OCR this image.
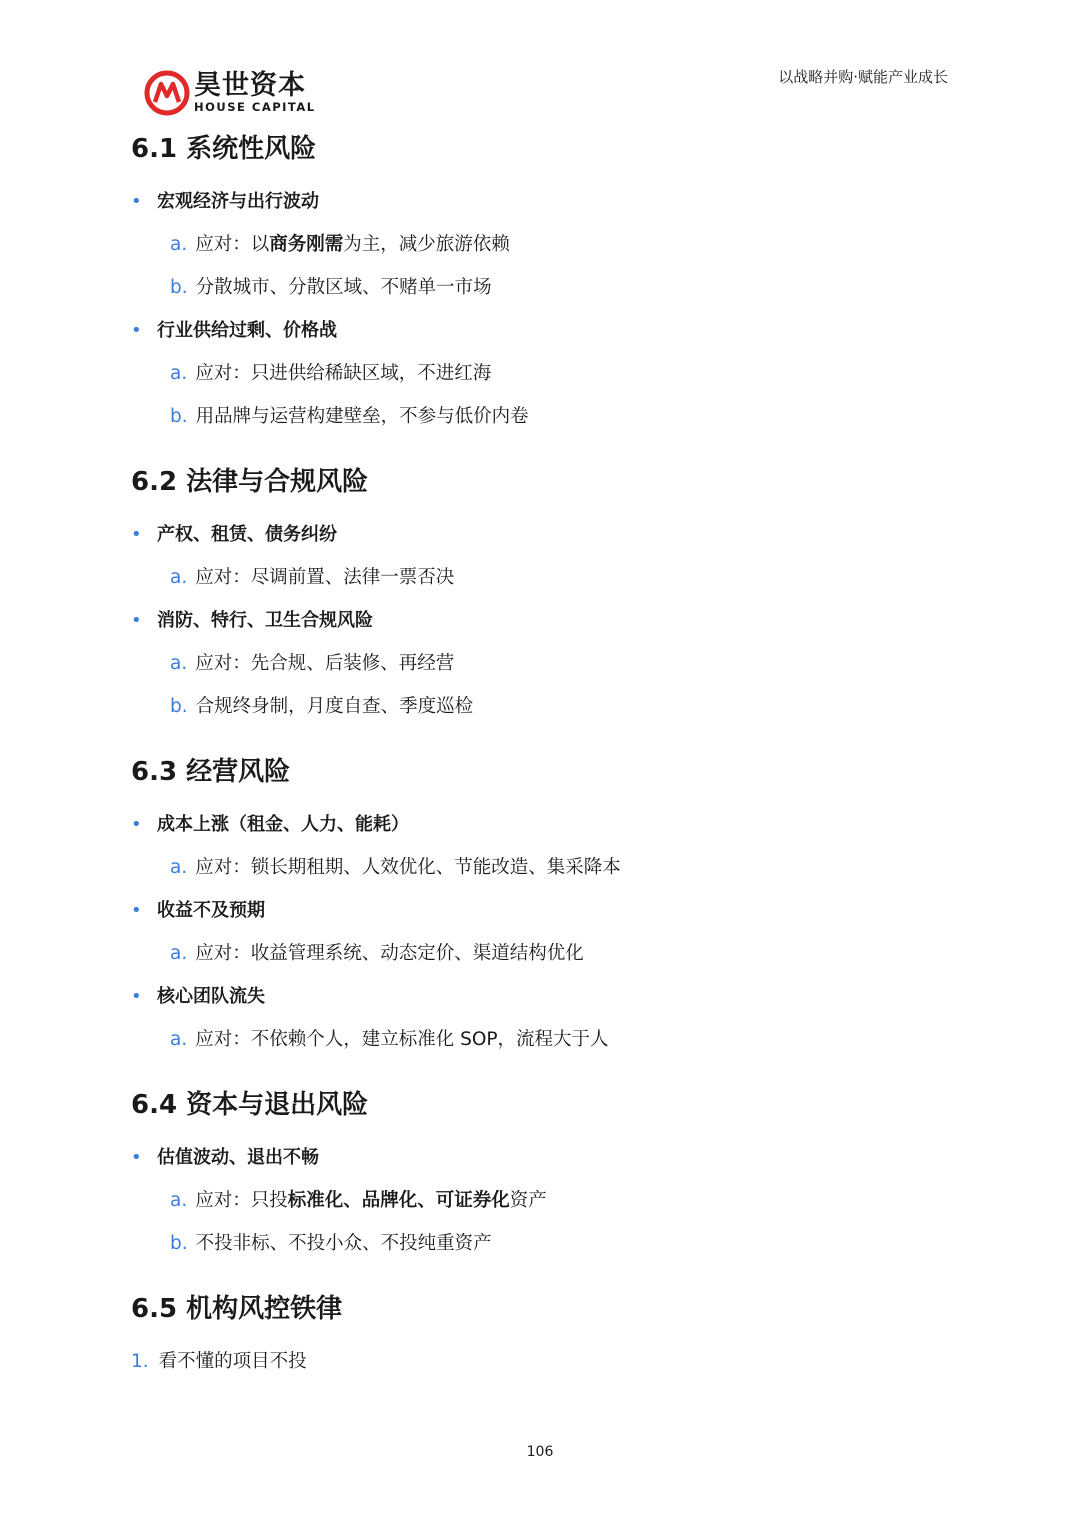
昊世资本
HOUSE CAPITAL
以战略并购·赋能产业成长
6.1 系统性风险
• 宏观经济与出行波动
a. 应对：以商务刚需为主，减少旅游依赖
b. 分散城市、分散区域、不赌单一市场
• 行业供给过剩、价格战
a. 应对：只进供给稀缺区域，不进红海
b. 用品牌与运营构建壁垒，不参与低价内卷
6.2 法律与合规风险
• 产权、租赁、债务纠纷
a. 应对：尽调前置、法律一票否决
• 消防、特行、卫生合规风险
a. 应对：先合规、后装修、再经营
b. 合规终身制，月度自查、季度巡检
6.3 经营风险
• 成本上涨（租金、人力、能耗）
a. 应对：锁长期租期、人效优化、节能改造、集采降本
• 收益不及预期
a. 应对：收益管理系统、动态定价、渠道结构优化
• 核心团队流失
a. 应对：不依赖个人，建立标准化 SOP，流程大于人
6.4 资本与退出风险
• 估值波动、退出不畅
a. 应对：只投标准化、品牌化、可证券化资产
b. 不投非标、不投小众、不投纯重资产
6.5 机构风控铁律
1. 看不懂的项目不投
106
